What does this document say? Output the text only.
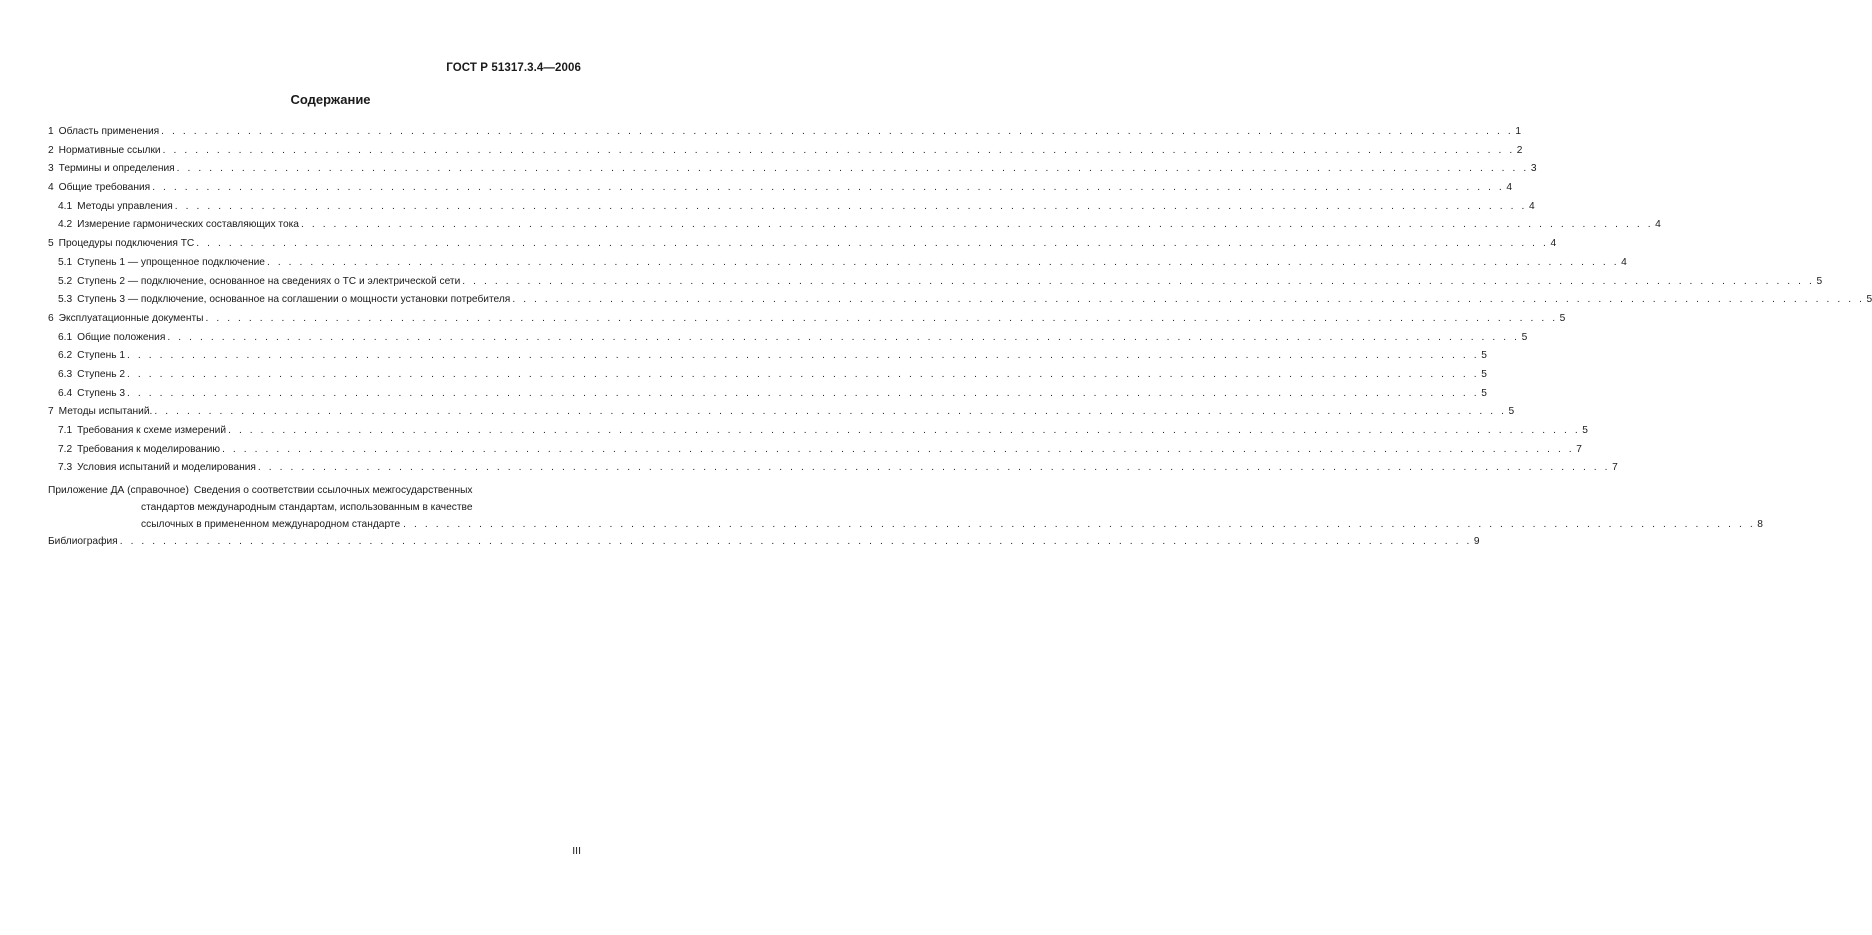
ГОСТ Р 51317.3.4—2006
Содержание
1 Область применения . . . . . . . . . . . . . . . . . . . . . . . . . . . . . . . . . . . . . . . . . . . . . . . . . . . . . . . . . . . . . . . . . . . . . . . . . . . . . . . . . . . . . . . . . . . . . . . . . . . . . . . . . . . . . . . . . . . . . . . . . . . . . 1
2 Нормативные ссылки . . . . . . . . . . . . . . . . . . . . . . . . . . . . . . . . . . . . . . . . . . . . . . . . . . . . . . . . . . . . . . . . . . . . . . . . . . . . . . . . . . . . . . . . . . . . . . . . . . . . . . . . . . . . . . . . . . . . . . . . . . . . . 2
3 Термины и определения . . . . . . . . . . . . . . . . . . . . . . . . . . . . . . . . . . . . . . . . . . . . . . . . . . . . . . . . . . . . . . . . . . . . . . . . . . . . . . . . . . . . . . . . . . . . . . . . . . . . . . . . . . . . . . . . . . . . . . . . . . . . . 3
4 Общие требования . . . . . . . . . . . . . . . . . . . . . . . . . . . . . . . . . . . . . . . . . . . . . . . . . . . . . . . . . . . . . . . . . . . . . . . . . . . . . . . . . . . . . . . . . . . . . . . . . . . . . . . . . . . . . . . . . . . . . . . . . . . . . 4
4.1 Методы управления . . . . . . . . . . . . . . . . . . . . . . . . . . . . . . . . . . . . . . . . . . . . . . . . . . . . . . . . . . . . . . . . . . . . . . . . . . . . . . . . . . . . . . . . . . . . . . . . . . . . . . . . . . . . . . . . . . . . . . . . . . . . . 4
4.2 Измерение гармонических составляющих тока . . . . . . . . . . . . . . . . . . . . . . . . . . . . . . . . . . . . . . . . . . . . . . . . . . . . . . . . . . . . . . . . . . . . . . . . . . . . . . . . . . . . . . . . . . . . . . . . . . . . . . . . . . . . . . . . . . . . . . . . . . . . . 4
5 Процедуры подключения ТС . . . . . . . . . . . . . . . . . . . . . . . . . . . . . . . . . . . . . . . . . . . . . . . . . . . . . . . . . . . . . . . . . . . . . . . . . . . . . . . . . . . . . . . . . . . . . . . . . . . . . . . . . . . . . . . . . . . . . . . . . . . . . 4
5.1 Ступень 1 — упрощенное подключение . . . . . . . . . . . . . . . . . . . . . . . . . . . . . . . . . . . . . . . . . . . . . . . . . . . . . . . . . . . . . . . . . . . . . . . . . . . . . . . . . . . . . . . . . . . . . . . . . . . . . . . . . . . . . . . . . . . . . . . . . . . . . 4
5.2 Ступень 2 — подключение, основанное на сведениях о ТС и электрической сети . . . . . . . . . . . . . . . . . . . . . . . . . . . . . . . . . . . . . . . . . . . . . . . . . . . . . . . . . . . . . . . . . . . . . . . . . . . . . . . . . . . . . . . . . . . . . . . . . . . . . . . . . . . . . . . . . . . . . . . . . . . . . 5
5.3 Ступень 3 — подключение, основанное на соглашении о мощности установки потребителя . . . . . . . . . . . . . . . . . . . . . . . . . . . . . . . . . . . . . . . . . . . . . . . . . . . . . . . . . . . . . . . . . . . . . . . . . . . . . . . . . . . . . . . . . . . . . . . . . . . . . . . . . . . . . . . . . . . . . . . . . . . . . 5
6 Эксплуатационные документы . . . . . . . . . . . . . . . . . . . . . . . . . . . . . . . . . . . . . . . . . . . . . . . . . . . . . . . . . . . . . . . . . . . . . . . . . . . . . . . . . . . . . . . . . . . . . . . . . . . . . . . . . . . . . . . . . . . . . . . . . . . . . 5
6.1 Общие положения . . . . . . . . . . . . . . . . . . . . . . . . . . . . . . . . . . . . . . . . . . . . . . . . . . . . . . . . . . . . . . . . . . . . . . . . . . . . . . . . . . . . . . . . . . . . . . . . . . . . . . . . . . . . . . . . . . . . . . . . . . . . . 5
6.2 Ступень 1 . . . . . . . . . . . . . . . . . . . . . . . . . . . . . . . . . . . . . . . . . . . . . . . . . . . . . . . . . . . . . . . . . . . . . . . . . . . . . . . . . . . . . . . . . . . . . . . . . . . . . . . . . . . . . . . . . . . . . . . . . . . . . 5
6.3 Ступень 2 . . . . . . . . . . . . . . . . . . . . . . . . . . . . . . . . . . . . . . . . . . . . . . . . . . . . . . . . . . . . . . . . . . . . . . . . . . . . . . . . . . . . . . . . . . . . . . . . . . . . . . . . . . . . . . . . . . . . . . . . . . . . . 5
6.4 Ступень 3 . . . . . . . . . . . . . . . . . . . . . . . . . . . . . . . . . . . . . . . . . . . . . . . . . . . . . . . . . . . . . . . . . . . . . . . . . . . . . . . . . . . . . . . . . . . . . . . . . . . . . . . . . . . . . . . . . . . . . . . . . . . . . 5
7 Методы испытаний. . . . . . . . . . . . . . . . . . . . . . . . . . . . . . . . . . . . . . . . . . . . . . . . . . . . . . . . . . . . . . . . . . . . . . . . . . . . . . . . . . . . . . . . . . . . . . . . . . . . . . . . . . . . . . . . . . . . . . . . . . . . . . 5
7.1 Требования к схеме измерений . . . . . . . . . . . . . . . . . . . . . . . . . . . . . . . . . . . . . . . . . . . . . . . . . . . . . . . . . . . . . . . . . . . . . . . . . . . . . . . . . . . . . . . . . . . . . . . . . . . . . . . . . . . . . . . . . . . . . . . . . . . . . 5
7.2 Требования к моделированию . . . . . . . . . . . . . . . . . . . . . . . . . . . . . . . . . . . . . . . . . . . . . . . . . . . . . . . . . . . . . . . . . . . . . . . . . . . . . . . . . . . . . . . . . . . . . . . . . . . . . . . . . . . . . . . . . . . . . . . . . . . . . 7
7.3 Условия испытаний и моделирования . . . . . . . . . . . . . . . . . . . . . . . . . . . . . . . . . . . . . . . . . . . . . . . . . . . . . . . . . . . . . . . . . . . . . . . . . . . . . . . . . . . . . . . . . . . . . . . . . . . . . . . . . . . . . . . . . . . . . . . . . . . . . 7
Приложение ДА (справочное) Сведения о соответствии ссылочных межгосударственных
стандартов международным стандартам, использованным в качестве
ссылочных в примененном международном стандарте . . . . . . . . . . . . . . . . . . . . . . . . . . . . . . . . . . . . . . . . . . . . . . . . . . . . . . . . . . . . . . . . . . . . . . . . . . . . . . . . . . . . . . . . . . . . . . . . . . . . . . . . . . . . . . . . . . . . . . . . . . . . . 8
Библиография . . . . . . . . . . . . . . . . . . . . . . . . . . . . . . . . . . . . . . . . . . . . . . . . . . . . . . . . . . . . . . . . . . . . . . . . . . . . . . . . . . . . . . . . . . . . . . . . . . . . . . . . . . . . . . . . . . . . . . . . . . . . . 9
III
